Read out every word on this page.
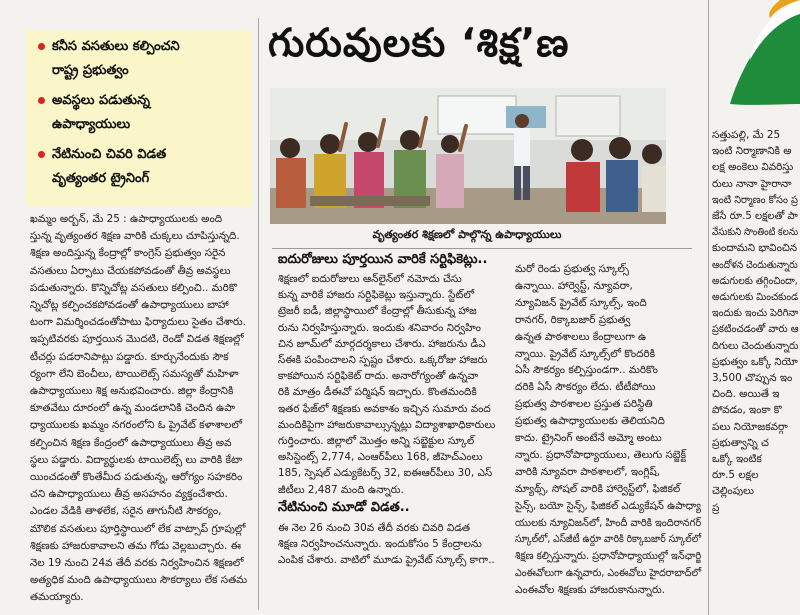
కనీస వసతులు కల్పించని
రాష్ట్ర ప్రభుత్వం
అవస్థలు పడుతున్న
ఉపాధ్యాయులు
నేటినుంచి చివరి విడత
వృత్యంతర ట్రైనింగ్
గురువులకు ‘శిక్ష’ణ
వృత్యంతర శిక్షణలో పాల్గొన్న ఉపాధ్యాయులు
ఖమ్మం అర్బన్, మే 25 : ఉపాధ్యాయులకు అంది
స్తున్న వృత్యంతర శిక్షణ వారికి చుక్కలు చూపిస్తున్నది.
శిక్షణ అందిస్తున్న కేంద్రాల్లో కాంగ్రెస్ ప్రభుత్వం సరైన
వసతులు ఏర్పాటు చేయకపోవడంతో తీవ్ర అవస్థలు
పడుతున్నారు. కొన్నిచోట్ల వసతులు కల్పించి.. మరికొ
న్నిచోట్ల కల్పించకపోవడంతో ఉపాధ్యాయులు బాహా
టంగా విమర్శించడంతోపాటు ఫిర్యాదులు సైతం చేశారు.
ఇప్పటివరకు పూర్తయిన మొదటి, రెండో విడత శిక్షణల్లో
టీచర్లు పడరానిపాట్లు పడ్డారు. కూర్చునేందుకు సౌక
ర్యంగా లేని బెంచీలు, టాయిలెట్స్ సమస్యతో మహిళా
ఉపాధ్యాయులు శిక్ష అనుభవించారు. జిల్లా కేంద్రానికి
కూతవేటు దూరంలో ఉన్న మండలానికి చెందిన ఉపా
ధ్యాయులకు ఖమ్మం నగరంలోని ఓ ప్రైవేట్ కళాశాలలో
కల్పించిన శిక్షణ కేంద్రంలో ఉపాధ్యాయులు తీవ్ర అవ
స్థలు పడ్డారు. విద్యార్థులకు టాయిలెట్స్ లు వారికి కేటా
యించడంతో కొంతేమీద పడుతున్న, ఆరోగ్యం సహకరిం
చని ఉపాధ్యాయులు తీవ్ర అసహనం వ్యక్తంచేశారు.
ఎండల వేడికి తాళలేక, సరైన తాగునీటి సౌకర్యం,
మౌలిక వసతులు పూర్తిస్థాయిలో లేక వాట్సాప్ గ్రూపుల్లో
శిక్షణకు హాజరుకావాలని తమ గోడు వెల్లబుచ్చారు. ఈ
నెల 19 నుంచి 24వ తేదీ వరకు నిర్వహించిన శిక్షణలో
అత్యధిక మంది ఉపాధ్యాయులు సౌకర్యాలు లేక సతమ
తమయ్యారు.
ఐదురోజులు పూర్తయిన వారికే సర్టిఫికెట్లు..
శిక్షణలో ఐదురోజులు ఆన్‌లైన్‌లో నమోదు చేసు
కున్న వారికే హాజరు సర్టిఫికెట్లు ఇస్తున్నారు. స్టేట్‌లో
ట్రెజరీ ఐడీ, జిల్లాస్థాయిలో కేంద్రాల్లో తీసుకున్న హాజ
రును నిర్వహిస్తున్నారు. ఇందుకు శనివారం నిర్వహిం
చిన జూమ్‌లో మార్గదర్శకాలు చేశారు. హాజరును డీఎ
స్ఈకి పంపించాలని స్పష్టం చేశారు. ఒక్కరోజు హాజరు
కాకపోయిన సర్టిఫికెట్ రాదు. అనారోగ్యంతో ఉన్నవా
రికి మాత్రం డీఈవో పర్మిషన్ ఇచ్చారు. కొంతమందికి
ఇతర ఫేజ్‌లో శిక్షణకు అవకాశం ఇచ్చిన సుమారు వంద
మందికిపైగా హాజరుకావాల్సున్నట్లు విద్యాశాఖాధికారులు
గుర్తించారు. జిల్లాలో మొత్తం అన్ని సబ్జెక్టుల స్కూల్
అసిస్టెంట్స్ 2,774, ఎంఆర్‌పీలు 168, జీహెచ్‌ఎంలు
185, స్పెషల్ ఎడ్యుకేటర్స్ 32, ఐఈఆర్‌పీలు 30, ఎస్
జీటీలు 2,487 మంది ఉన్నారు.
నేటినుంచి మూడో విడత..
ఈ నెల 26 నుంచి 30వ తేదీ వరకు చివరి విడత
శిక్షణ నిర్వహించనున్నారు. ఇందుకోసం 5 కేంద్రాలను
ఎంపిక చేశారు. వాటిలో మూడు ప్రైవేట్ స్కూల్స్ కాగా..
మరో రెండు ప్రభుత్వ స్కూల్స్
ఉన్నాయి. హార్వెస్ట్, న్యూవరా,
న్యూవిజన్ ప్రైవేట్ స్కూల్స్, ఇంది
రానగర్, రిక్కాబజార్ ప్రభుత్వ
ఉన్నత పాఠశాలలు కేంద్రాలుగా ఉ
న్నాయి. ప్రైవేట్ స్కూల్స్‌లో కొందరికి
ఏసీ సౌకర్యం కల్పిస్తుండగా.. మరికొం
దరికి ఏసీ సౌకర్యం లేదు. టీటీపోయి
ప్రభుత్వ పాఠశాలల ప్రస్తుత పరిస్థితి
ప్రభుత్వ ఉపాధ్యాయులకు తెలియనిది
కాదు. ట్రైనింగ్ అంటేనే అమ్మో అంటు
న్నారు. ప్రధానోపాధ్యాయులు, తెలుగు సబ్జెక్ట్
వారికి న్యూవరా పాఠశాలలో, ఇంగ్లిష్,
మ్యాథ్స్, సోషల్ వారికి హార్వెస్ట్‌లో, ఫిజికల్
సైన్స్, బయో సైన్స్, ఫిజికల్ ఎడ్యుకేషన్ ఉపాధ్యా
యులకు న్యూవిజన్‌లో, హిందీ వారికి ఇందిరానగర్
స్కూల్‌లో, ఎస్‌జీటీ ఉర్దూ వారికి రిక్కాబజార్ స్కూల్‌లో
శిక్షణ కల్పిస్తున్నారు. ప్రధానోపాధ్యాయుల్లో ఇన్‌ఛార్జి
ఎంఈవోలుగా ఉన్నవారు, ఎంఈవోలు హైదరాబాద్‌లో
ఎంఈవోల శిక్షణకు హాజరుకానున్నారు.
సత్తుపల్లి, మే 25
ఇంటి నిర్మాణానికి అ
లక్ష అంకెలు వివరిస్తు
రులు నానా హైరానా
ఇంటి నిర్మాణం కోసం ప్ర
జేసే రూ.5 లక్షలతో పా
వేసుకుని సొంతింటి కలను
కుందామని భావించిన
ఆందోళన చెందుతున్నారు
అడుగులకు తగ్గించిందా,
అడుగులకు మించకుండ
ఇందుకు ఇంచు పెరిగినా
ప్రకటించడంతో వారు ఆ
దిగులు చెందుతున్నారు
ప్రభుత్వం ఒక్కో నియో
3,500 చొప్పున ఇం
చింది. అయితే ఇ
పోవడం, ఇంకా కొ
పలు నియోజకవర్గా
ప్రభుత్వాన్ని చ
ఒక్కో ఇంటిక
రూ.5 లక్షల
చెల్లింపులు
ప్ర
